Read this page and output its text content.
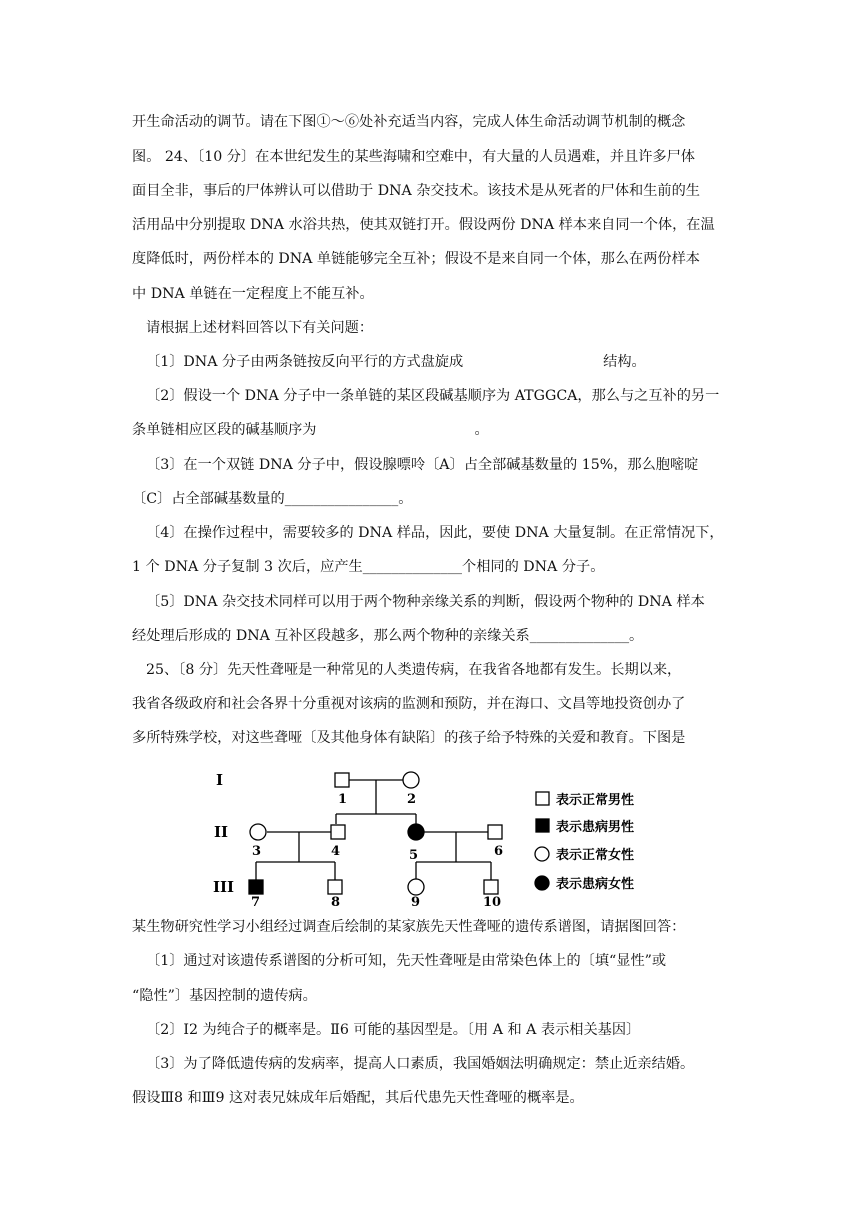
开生命活动的调节。请在下图①～⑥处补充适当内容，完成人体生命活动调节机制的概念
图。 24、〔10 分〕在本世纪发生的某些海啸和空难中，有大量的人员遇难，并且许多尸体
面目全非，事后的尸体辨认可以借助于 DNA 杂交技术。该技术是从死者的尸体和生前的生
活用品中分别提取 DNA 水浴共热，使其双链打开。假设两份 DNA 样本来自同一个体，在温
度降低时，两份样本的 DNA 单链能够完全互补；假设不是来自同一个体，那么在两份样本
中 DNA 单链在一定程度上不能互补。
请根据上述材料回答以下有关问题：
〔1〕DNA 分子由两条链按反向平行的方式盘旋成	结构。
〔2〕假设一个 DNA 分子中一条单链的某区段碱基顺序为 ATGGCA，那么与之互补的另一
条单链相应区段的碱基顺序为	。
〔3〕在一个双链 DNA 分子中，假设腺嘌呤〔A〕占全部碱基数量的 15%，那么胞嘧啶
〔C〕占全部碱基数量的________________。
〔4〕在操作过程中，需要较多的 DNA 样品，因此，要使 DNA 大量复制。在正常情况下，
1 个 DNA 分子复制 3 次后，应产生______________个相同的 DNA 分子。
〔5〕DNA 杂交技术同样可以用于两个物种亲缘关系的判断，假设两个物种的 DNA 样本
经处理后形成的 DNA 互补区段越多，那么两个物种的亲缘关系______________。
25、〔8 分〕先天性聋哑是一种常见的人类遗传病，在我省各地都有发生。长期以来，
我省各级政府和社会各界十分重视对该病的监测和预防，并在海口、文昌等地投资创办了
多所特殊学校，对这些聋哑〔及其他身体有缺陷〕的孩子给予特殊的关爱和教育。下图是
I
II
III
1	2
3	4	5	6
7	8	9	10
表示正常男性
表示患病男性
表示正常女性
表示患病女性
某生物研究性学习小组经过调查后绘制的某家族先天性聋哑的遗传系谱图，请据图回答：
〔1〕通过对该遗传系谱图的分析可知，先天性聋哑是由常染色体上的〔填“显性”或
“隐性”〕基因控制的遗传病。
〔2〕Ⅰ2 为纯合子的概率是。Ⅱ6 可能的基因型是。〔用 A 和 A 表示相关基因〕
〔3〕为了降低遗传病的发病率，提高人口素质，我国婚姻法明确规定：禁止近亲结婚。
假设Ⅲ8 和Ⅲ9 这对表兄妹成年后婚配，其后代患先天性聋哑的概率是。
